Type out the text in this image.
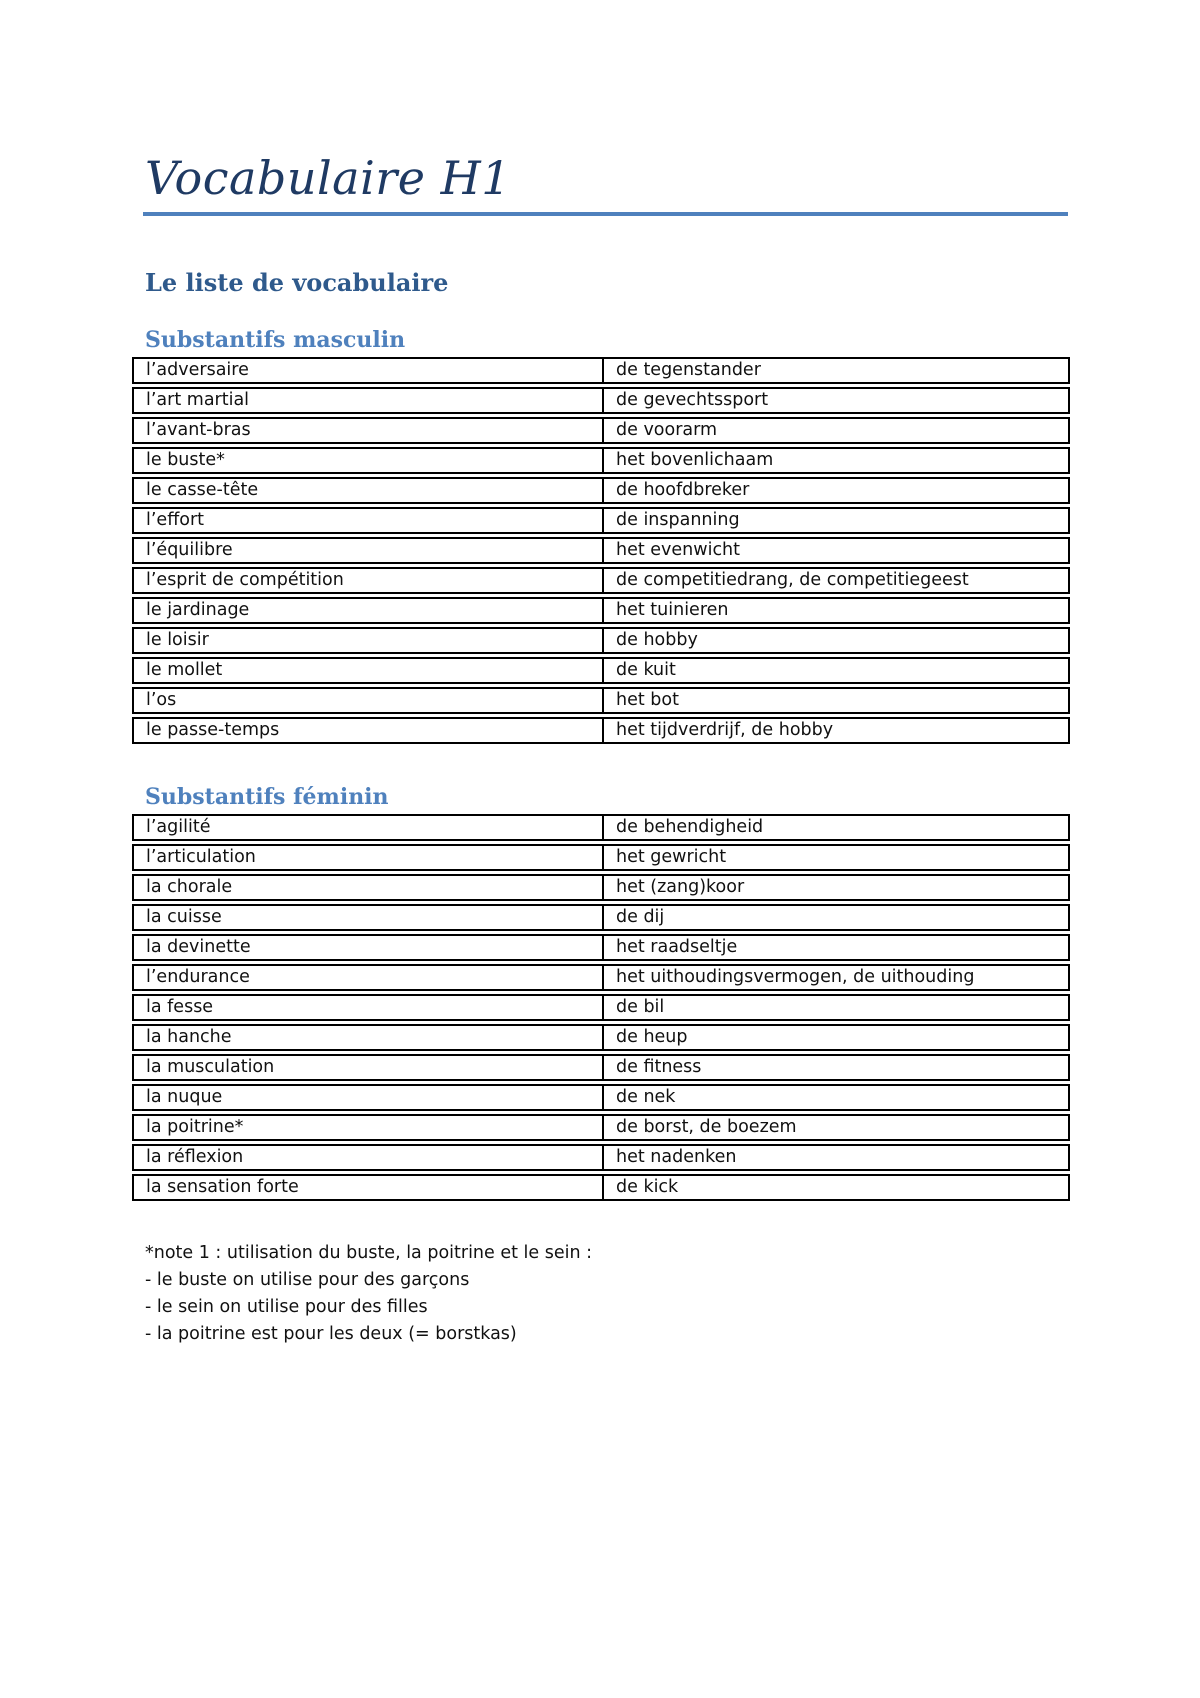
Vocabulaire H1
Le liste de vocabulaire
Substantifs masculin
l’adversaire	de tegenstander
l’art martial	de gevechtssport
l’avant-bras	de voorarm
le buste*	het bovenlichaam
le casse-tête	de hoofdbreker
l’effort	de inspanning
l’équilibre	het evenwicht
l’esprit de compétition	de competitiedrang, de competitiegeest
le jardinage	het tuinieren
le loisir	de hobby
le mollet	de kuit
l’os	het bot
le passe-temps	het tijdverdrijf, de hobby
Substantifs féminin
l’agilité	de behendigheid
l’articulation	het gewricht
la chorale	het (zang)koor
la cuisse	de dij
la devinette	het raadseltje
l’endurance	het uithoudingsvermogen, de uithouding
la fesse	de bil
la hanche	de heup
la musculation	de fitness
la nuque	de nek
la poitrine*	de borst, de boezem
la réflexion	het nadenken
la sensation forte	de kick
*note 1 : utilisation du buste, la poitrine et le sein :
- le buste on utilise pour des garçons
- le sein on utilise pour des filles
- la poitrine est pour les deux (= borstkas)
